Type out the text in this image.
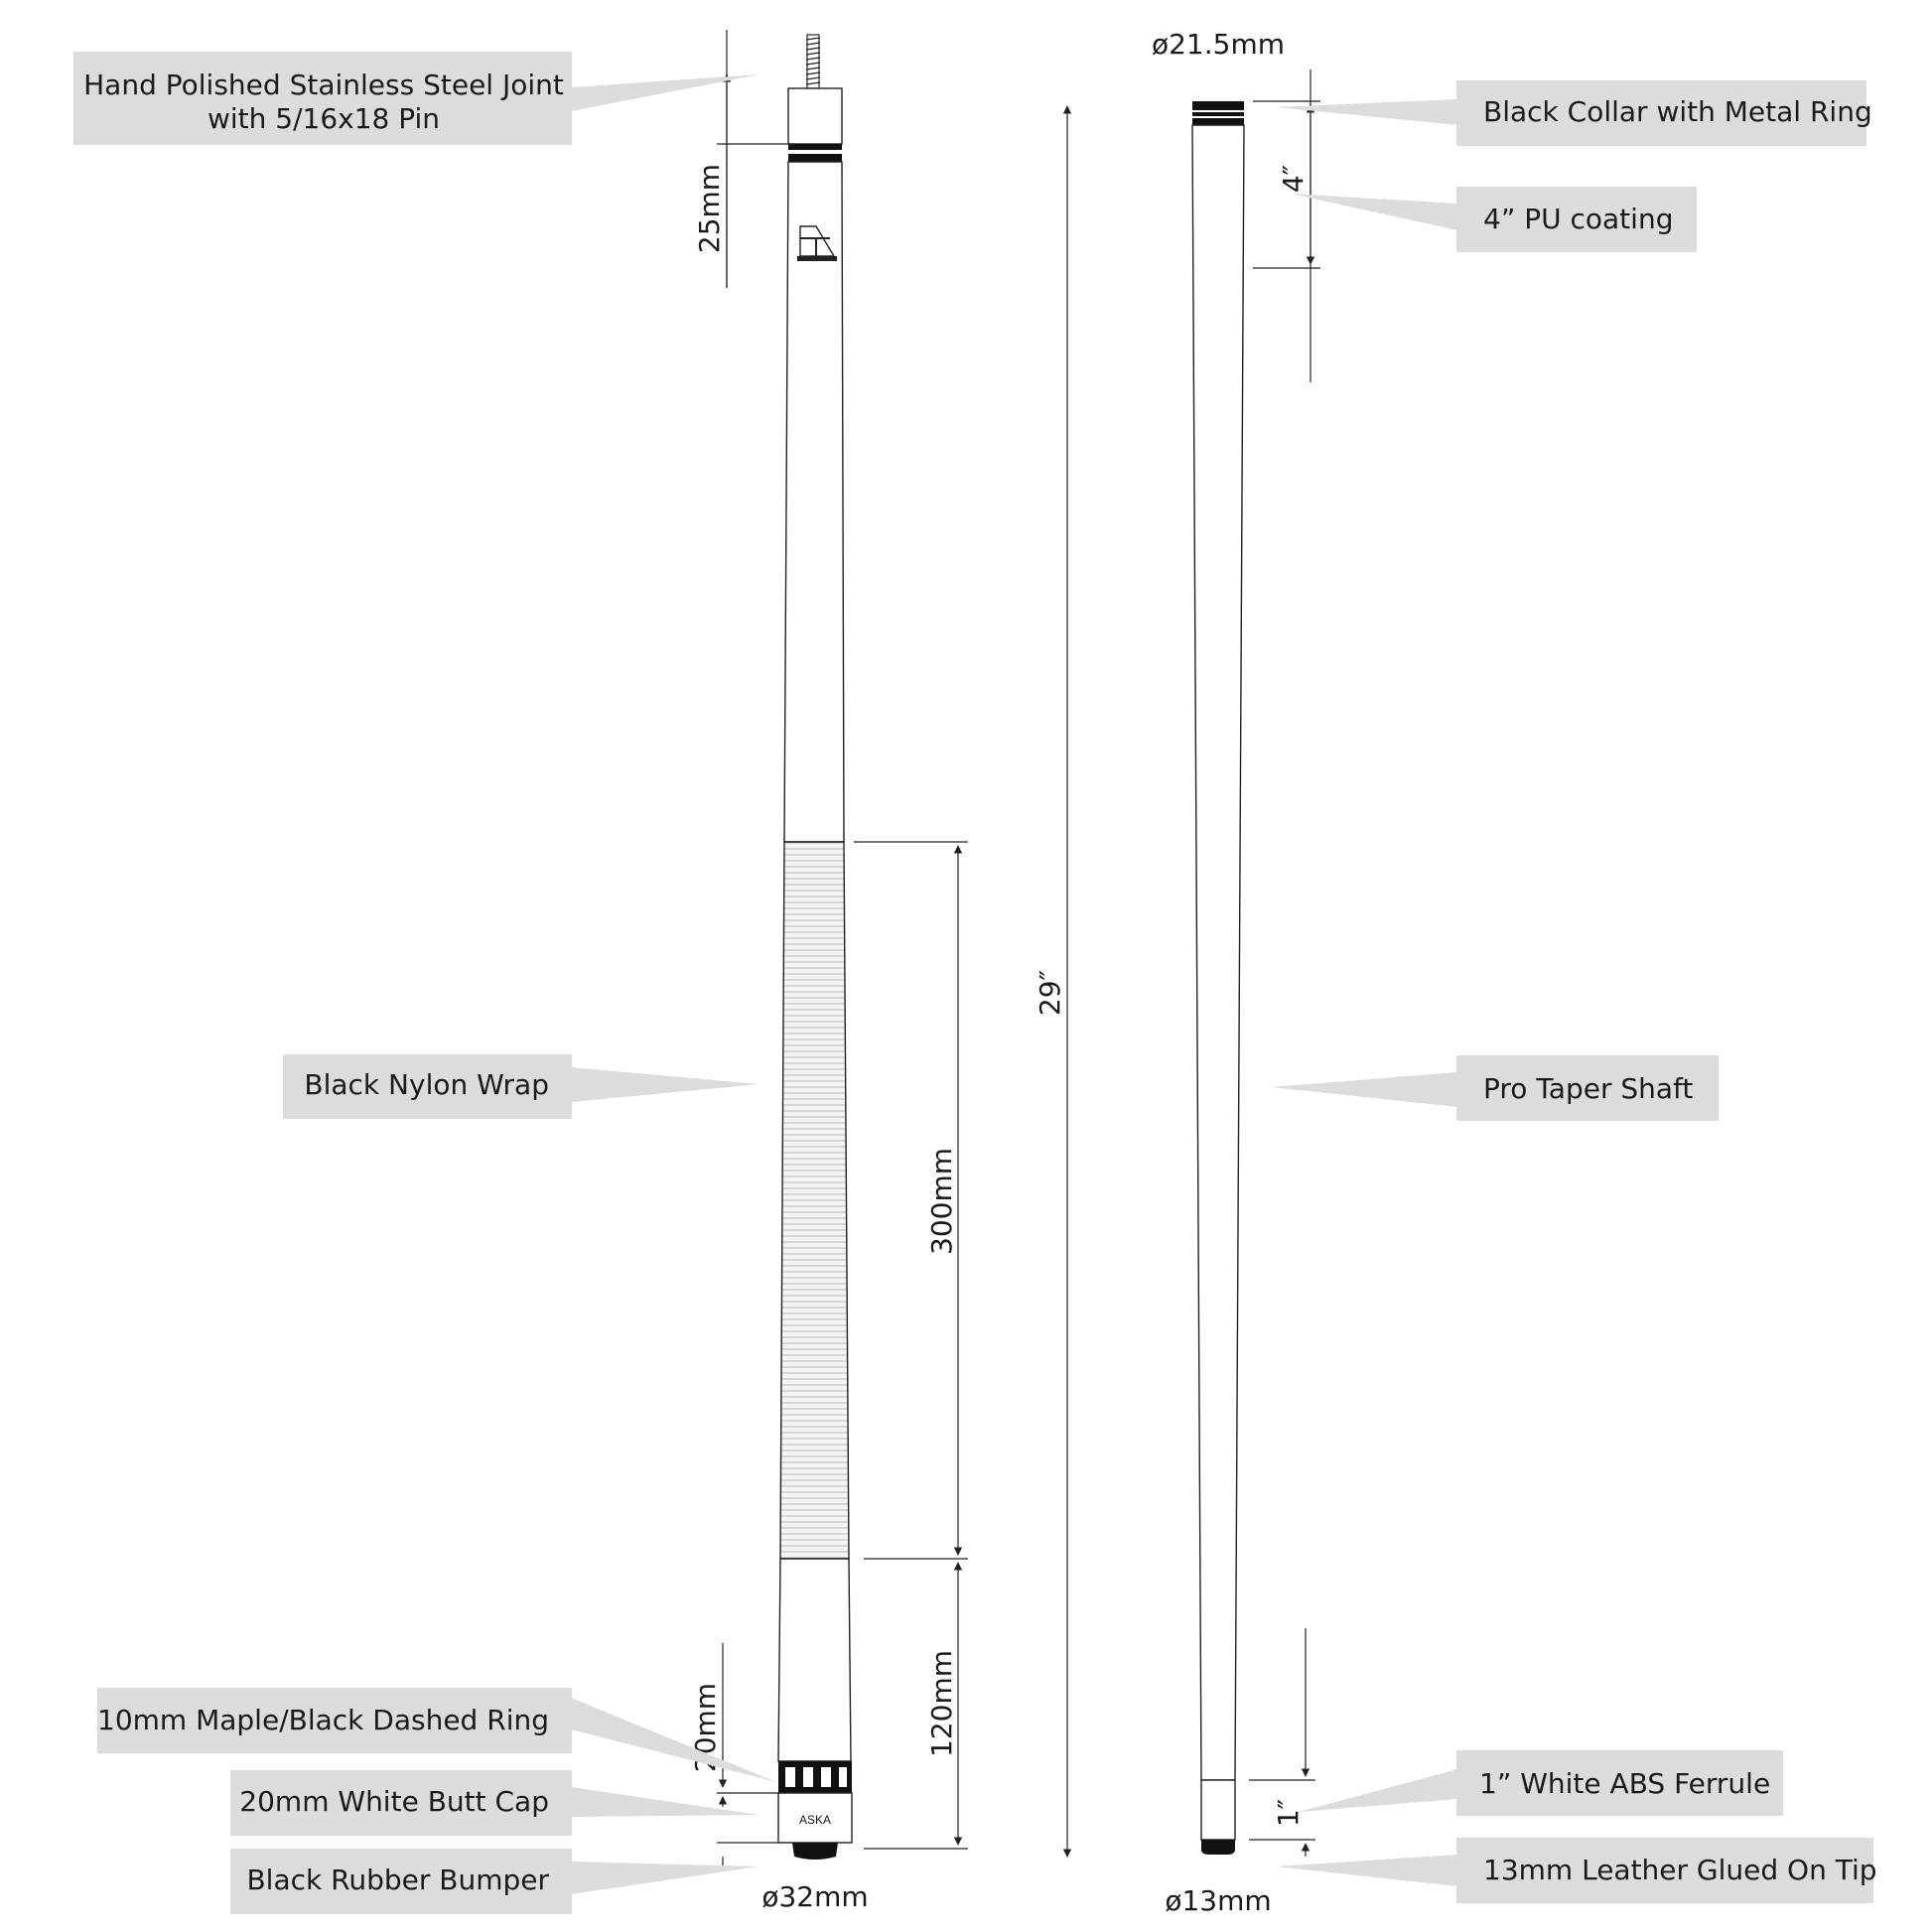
ASKA
25mm
300mm
120mm
20mm
29″
ø32mm
ø21.5mm
4″
1″
ø13mm
Hand Polished Stainless Steel Joint
with 5/16x18 Pin
Black Nylon Wrap
10mm Maple/Black Dashed Ring
20mm White Butt Cap
Black Rubber Bumper
Black Collar with Metal Ring
4” PU coating
Pro Taper Shaft
1” White ABS Ferrule
13mm Leather Glued On Tip
